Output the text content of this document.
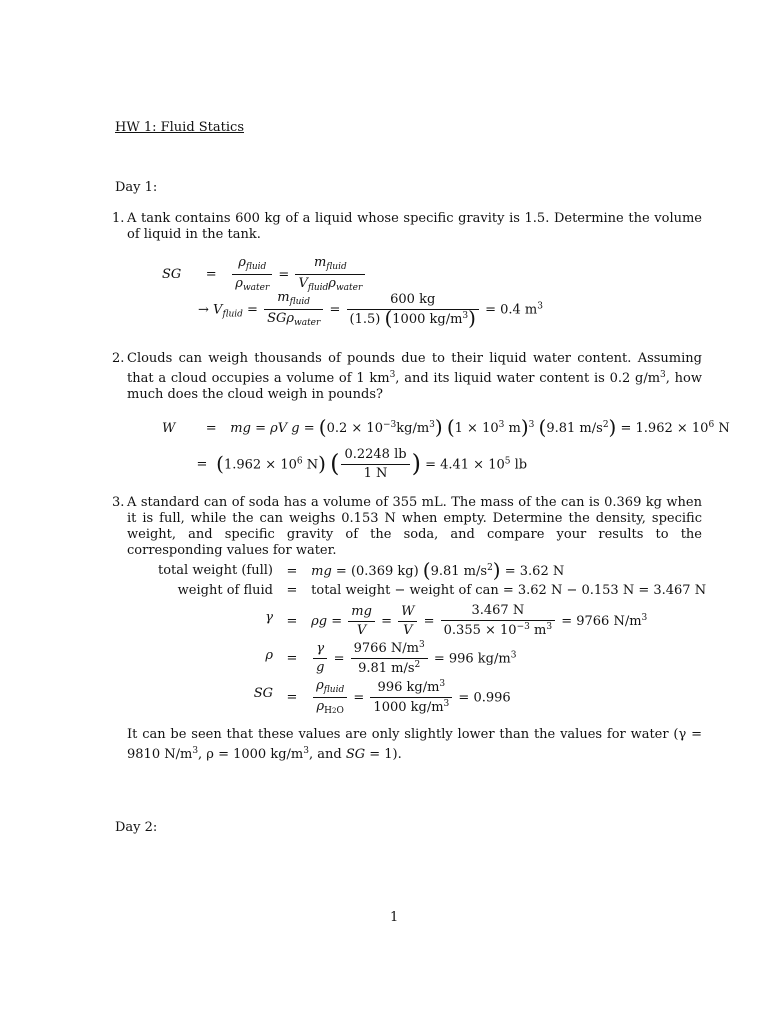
HW 1: Fluid Statics
Day 1:
1. A tank contains 600 kg of a liquid whose specific gravity is 1.5. Determine the volume of liquid in the tank.
SG = $\frac{\rho_{fluid}}{\rho_{water}} = \frac{m_{fluid}}{V_{fluid}\rho_{water}}$
→ $V_{fluid} = \frac{m_{fluid}}{SG\rho_{water}} = \frac{600 kg}{(1.5) (1000 kg/m^3)} = 0.4$ $m^3$
2. Clouds can weigh thousands of pounds due to their liquid water content. Assuming that a cloud occupies a volume of 1 $km^3$, and its liquid water content is 0.2 $g/m^3$, how much does the cloud weigh in pounds?
W = mg = ρV $g = (0.2 \times 10^{-3}kg/m^3)$ ($1 \times 10^3$ m)$^3$ (9.81 $m/s^2) = 1.962 \times 10^6$ N
= ($1.962 \times 10^6$ N) ( $\frac{0.2248 lb}{1 N}$ ) = $4.41 \times 10^5$ lb
3. A standard can of soda has a volume of 355 mL. The mass of the can is 0.369 kg when it is full, while the can weighs 0.153 N when empty. Determine the density, specific weight, and specific gravity of the soda, and compare your results to the corresponding values for water.
total weight (full)	= mg = (0.369 kg) (9.81 $m/s^2) = 3.62$ N
weight of fluid	= total weight − weight of can = 3.62 N − 0.153 N = 3.467 N
γ	= $\rho g = \frac{mg}{V} = \frac{W}{V} = \frac{3.467 N}{0.355 \times 10^{-3} m^3} = 9766$ $N/m^3$
ρ	= $\frac{\gamma}{g} = \frac{9766 N/m^3}{9.81 m/s^2} = 996$ $kg/m^3$
SG	= $\frac{\rho_{fluid}}{\rho_{H2O}} = \frac{996 kg/m^3}{1000 kg/m^3} = 0.996$
It can be seen that these values are only slightly lower than the values for water (γ = 9810 $N/m^3$, ρ = 1000 $kg/m^3$, and SG = 1).
Day 2:
1
